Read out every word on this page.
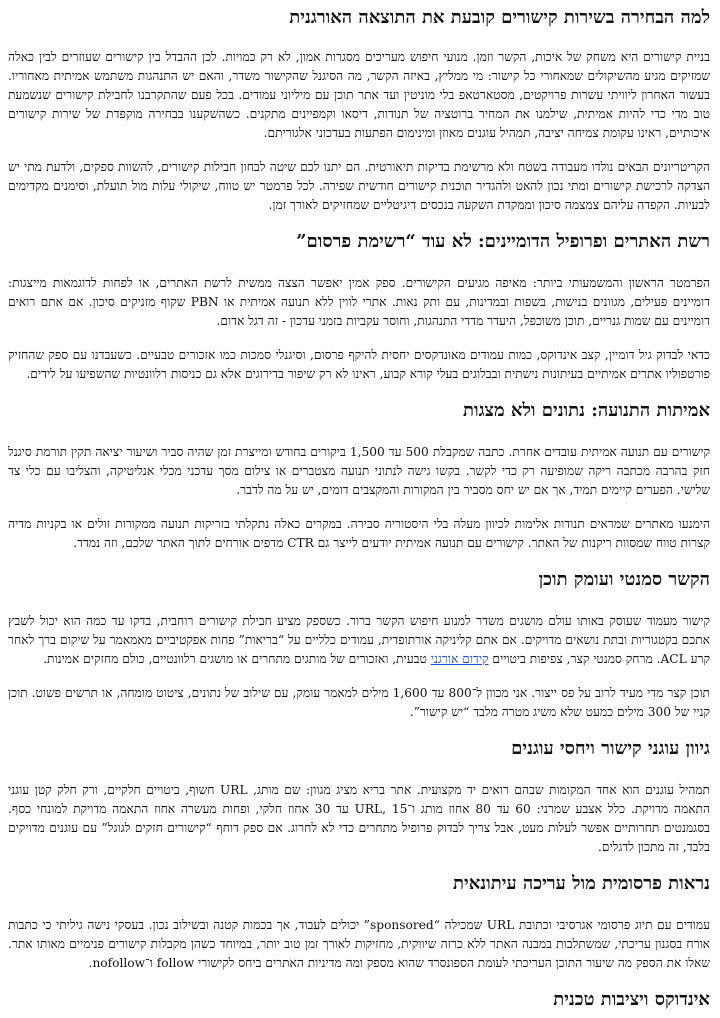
למה הבחירה בשירות קישורים קובעת את התוצאה האורגנית

בניית קישורים היא משחק של איכות, הקשר וזמן. מנועי חיפוש מעריכים מסגרות אמון, לא רק כמויות. לכן ההבדל בין קישורים שעוזרים לבין כאלה שמזיקים מגיע מהשיקולים שמאחורי כל קישור: מי ממליץ, באיזה הקשר, מה הסיגנל שהקישור משדר, והאם יש התנהגות משתמש אמיתית מאחוריו. בעשור האחרון ליוויתי עשרות פרויקטים, מסטארטאפ בלי מוניטין ועד אתר תוכן עם מיליוני עמודים. בכל פעם שהתקרבנו לחבילת קישורים שנשמעת טוב מדי כדי להיות אמיתית, שילמנו את המחיר ברוטציה של תנודות, דיסאו וקמפיינים מתקנים. כשהשקענו בבחירה מוקפדת של שירות קישורים איכותיים, ראינו עקומת צמיחה יציבה, תמהיל עוגנים מאוזן ומינימום הפתעות בעדכוני אלגוריתם.

הקריטריונים הבאים נולדו מעבודה בשטח ולא מרשימת בדיקות תיאורטית. הם יתנו לכם שיטה לבחון חבילות קישורים, להשוות ספקים, ולדעת מתי יש הצדקה לרכישת קישורים ומתי נכון להאט ולהגדיר תוכנית קישורים חודשית שפירה. לכל פרמטר יש טווח, שיקולי עלות מול תועלת, וסימנים מקדימים לבעיות. הקפדה עליהם צמצמה סיכון וממקדת השקעה בנכסים דיגיטליים שמחזיקים לאורך זמן.

רשת האתרים ופרופיל הדומיינים: לא עוד “רשימת פרסום”

הפרמטר הראשון והמשמעותי ביותר: מאיפה מגיעים הקישורים. ספק אמין יאפשר הצצה ממשית לרשת האתרים, או לפחות לדוגמאות מייצגות: דומיינים פעילים, מגוונים בנישות, בשפות ובמדינות, עם ותק נאות. אתרי לווין ללא תנועה אמיתית או PBN שקוף מזניקים סיכון. אם אתם רואים דומיינים עם שמות גנריים, תוכן משוכפל, היעדר מדדי התנהגות, וחוסר עקביות בזמני עדכון - זה דגל אדום.

כדאי לבדוק גיל דומיין, קצב אינדוקס, כמות עמודים מאונדקסים יחסית להיקף פרסום, וסיגנלי סמכות כמו אזכורים טבעיים. כשעבדנו עם ספק שהחזיק פורטפוליו אתרים אמיתיים בעיתונות נישתית ובבלוגים בעלי קורא קבוע, ראינו לא רק שיפור בדירוגים אלא גם כניסות רלוונטיות שהשפיעו על לידים.

אמיתות התנועה: נתונים ולא מצגות

קישורים עם תנועה אמיתית עובדים אחרת. כתבה שמקבלת 500 עד 1,500 ביקורים בחודש ומייצרת זמן שהיה סביר ושיעור יציאה תקין תורמת סיגנל חזק בהרבה מכתבה ריקה שמופיעה רק כדי לקשר. בקשו גישה לנתוני תנועה מצטברים או צילום מסך עדכני מכלי אנליטיקה, והצליבו עם כלי צד שלישי. הפערים קיימים תמיד, אך אם יש יחס מסביר בין המקורות והמקצבים דומים, יש על מה לדבר.

הימנעו מאתרים שמראים תנודות אלימות לכיוון מעלה בלי היסטוריה סבירה. במקרים כאלה נתקלתי בזריקות תנועה ממקורות זולים או בקניות מדיה קצרות טווח שמסוות ריקנות של האתר. קישורים עם תנועה אמיתית יודעים לייצר גם CTR מדפים אורחים לתוך האתר שלכם, וזה נמדד.

הקשר סמנטי ועומק תוכן

קישור מעמוד שעוסק באותו עולם מושגים משדר למנוע חיפוש הקשר ברור. כשספק מציע חבילת קישורים רוחבית, בדקו עד כמה הוא יכול לשבץ אתכם בקטגוריות ובתת נושאים מדויקים. אם אתם קליניקה אורתופדית, עמודים כלליים על “בריאות” פחות אפקטיביים מאמאמר על שיקום ברך לאחר קרע ACL. מרחק סמנטי קצר, צפיפות ביטויים קידום אורגני טבעית, ואזכורים של מותגים מתחרים או מושגים רלוונטיים, כולם מחזקים אמינות.

תוכן קצר מדי מעיד לרוב על פס ייצור. אני מכוון ל־800 עד 1,600 מילים למאמר עומק, עם שילוב של נתונים, ציטוט מומחה, או תרשים פשוט. תוכן קניי של 300 מילים כמעט שלא משיג מטרה מלבד “יש קישור”.

גיוון עוגני קישור ויחסי עוגנים

תמהיל עוגנים הוא אחד המקומות שבהם רואים יד מקצועית. אתר בריא מציג מגוון: שם מותג, URL חשוף, ביטויים חלקיים, ורק חלק קטן עוגני התאמה מדויקת. כלל אצבע שמרני: 60 עד 80 אחוז מותג ו־URL, 15 עד 30 אחוז חלקי, ופחות מעשרה אחוז התאמה מדויקת למונחי כסף. בסגמנטים תחרותיים אפשר לעלות מעט, אבל צריך לבדוק פרופיל מתחרים כדי לא לחרוג. אם ספק דוחף “קישורים חזקים לגוגל” עם עוגנים מדויקים בלבד, זה מתכון לדגלים.

נראות פרסומית מול עריכה עיתונאית

עמודים עם תיוג פרסומי אגרסיבי וכתובת URL שמכילה “sponsored” יכולים לעבוד, אך בכמות קטנה ובשילוב נכון. בעסקי נישה גיליתי כי כתבות אורח בסגנון עריכתי, שמשתלבות במבנה האתר ללא כרזה שיווקית, מחזיקות לאורך זמן טוב יותר, במיוחד כשהן מקבלות קישורים פנימיים מאותו אתר. שאלו את הספק מה שיעור התוכן העריכתי לעומת הספונסרד שהוא מספק ומה מדיניות האתרים ביחס לקישורי follow ו־nofollow.

אינדוקס ויציבות טכנית
